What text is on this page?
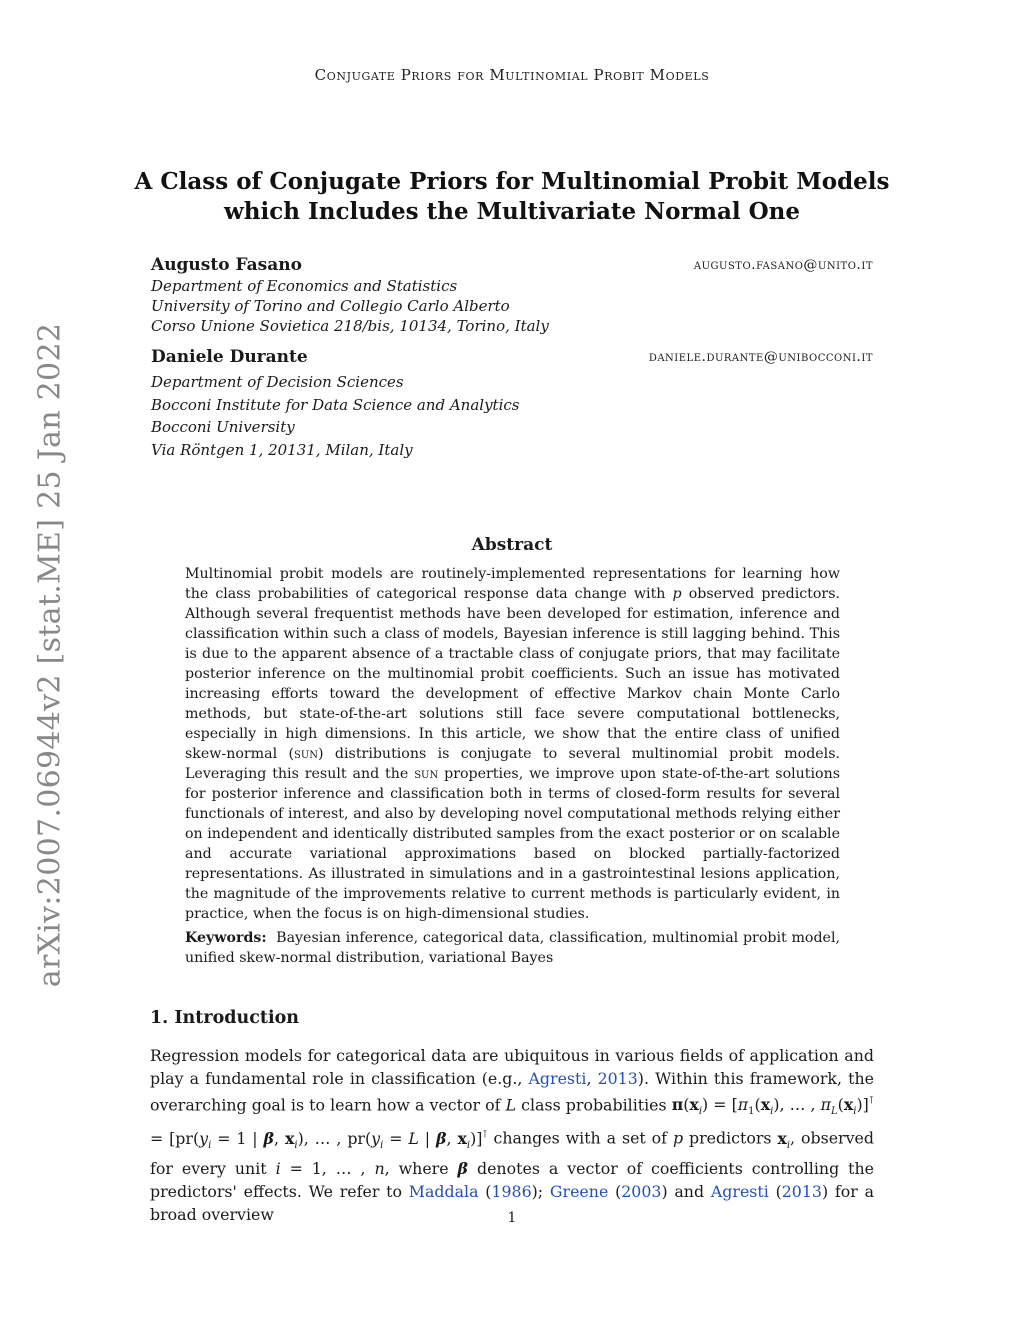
Conjugate Priors for Multinomial Probit Models
A Class of Conjugate Priors for Multinomial Probit Models
which Includes the Multivariate Normal One
Augusto Fasano	augusto.fasano@unito.it
Department of Economics and Statistics
University of Torino and Collegio Carlo Alberto
Corso Unione Sovietica 218/bis, 10134, Torino, Italy
Daniele Durante	daniele.durante@unibocconi.it
Department of Decision Sciences
Bocconi Institute for Data Science and Analytics
Bocconi University
Via Röntgen 1, 20131, Milan, Italy
arXiv:2007.06944v2 [stat.ME] 25 Jan 2022	Abstract
Multinomial probit models are routinely-implemented representations for learning how the class probabilities of categorical response data change with p observed predictors. Although several frequentist methods have been developed for estimation, inference and classification within such a class of models, Bayesian inference is still lagging behind. This is due to the apparent absence of a tractable class of conjugate priors, that may facilitate posterior inference on the multinomial probit coefficients. Such an issue has motivated increasing efforts toward the development of effective Markov chain Monte Carlo methods, but state-of-the-art solutions still face severe computational bottlenecks, especially in high dimensions. In this article, we show that the entire class of unified skew-normal (sun) distributions is conjugate to several multinomial probit models. Leveraging this result and the sun properties, we improve upon state-of-the-art solutions for posterior inference and classification both in terms of closed-form results for several functionals of interest, and also by developing novel computational methods relying either on independent and identically distributed samples from the exact posterior or on scalable and accurate variational approximations based on blocked partially-factorized representations. As illustrated in simulations and in a gastrointestinal lesions application, the magnitude of the improvements relative to current methods is particularly evident, in practice, when the focus is on high-dimensional studies.
Keywords: Bayesian inference, categorical data, classification, multinomial probit model, unified skew-normal distribution, variational Bayes
1. Introduction
Regression models for categorical data are ubiquitous in various fields of application and play a fundamental role in classification (e.g., Agresti, 2013). Within this framework, the overarching goal is to learn how a vector of L class probabilities $\pi(x_i) = [\pi_1(x_i)$, … , $\pi_L(x_i)]^⊺ = [pr(y_i = 1$ | β, $x_i$), … , $pr(y_i = L$ | β, $x_i)]^⊺$ changes with a set of p predictors $x_i$, observed for every unit i = 1, … , n, where β denotes a vector of coefficients controlling the predictors' effects. We refer to Maddala (1986); Greene (2003) and Agresti (2013) for a broad overview	1
